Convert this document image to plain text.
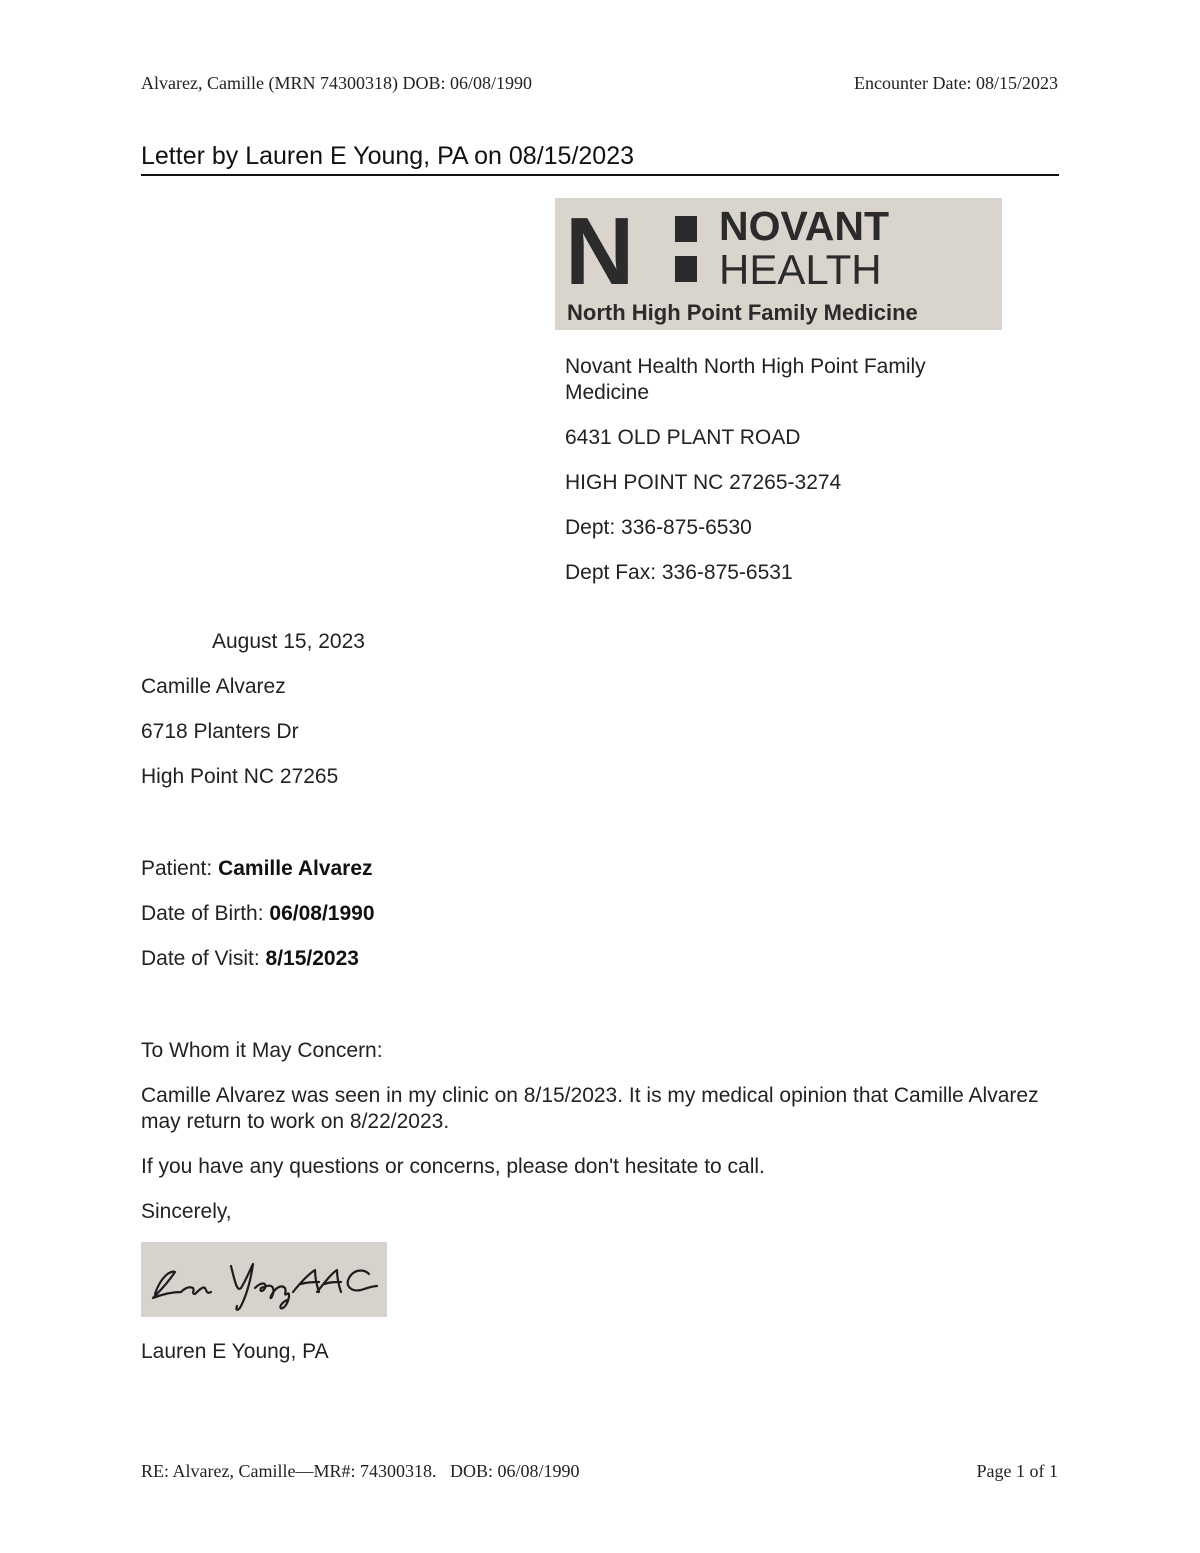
Alvarez, Camille (MRN 74300318) DOB: 06/08/1990	Encounter Date: 08/15/2023
Letter by Lauren E Young, PA on 08/15/2023
N NOVANT
HEALTH
North High Point Family Medicine

Novant Health North High Point Family Medicine

6431 OLD PLANT ROAD

HIGH POINT NC 27265-3274

Dept: 336-875-6530

Dept Fax: 336-875-6531

August 15, 2023

Camille Alvarez

6718 Planters Dr

High Point NC 27265

Patient: Camille Alvarez

Date of Birth: 06/08/1990

Date of Visit: 8/15/2023

To Whom it May Concern:

Camille Alvarez was seen in my clinic on 8/15/2023. It is my medical opinion that Camille Alvarez may return to work on 8/22/2023.

If you have any questions or concerns, please don't hesitate to call.

Sincerely,

Lauren E Young, PA
RE: Alvarez, Camille—MR#: 74300318.   DOB: 06/08/1990	Page 1 of 1
